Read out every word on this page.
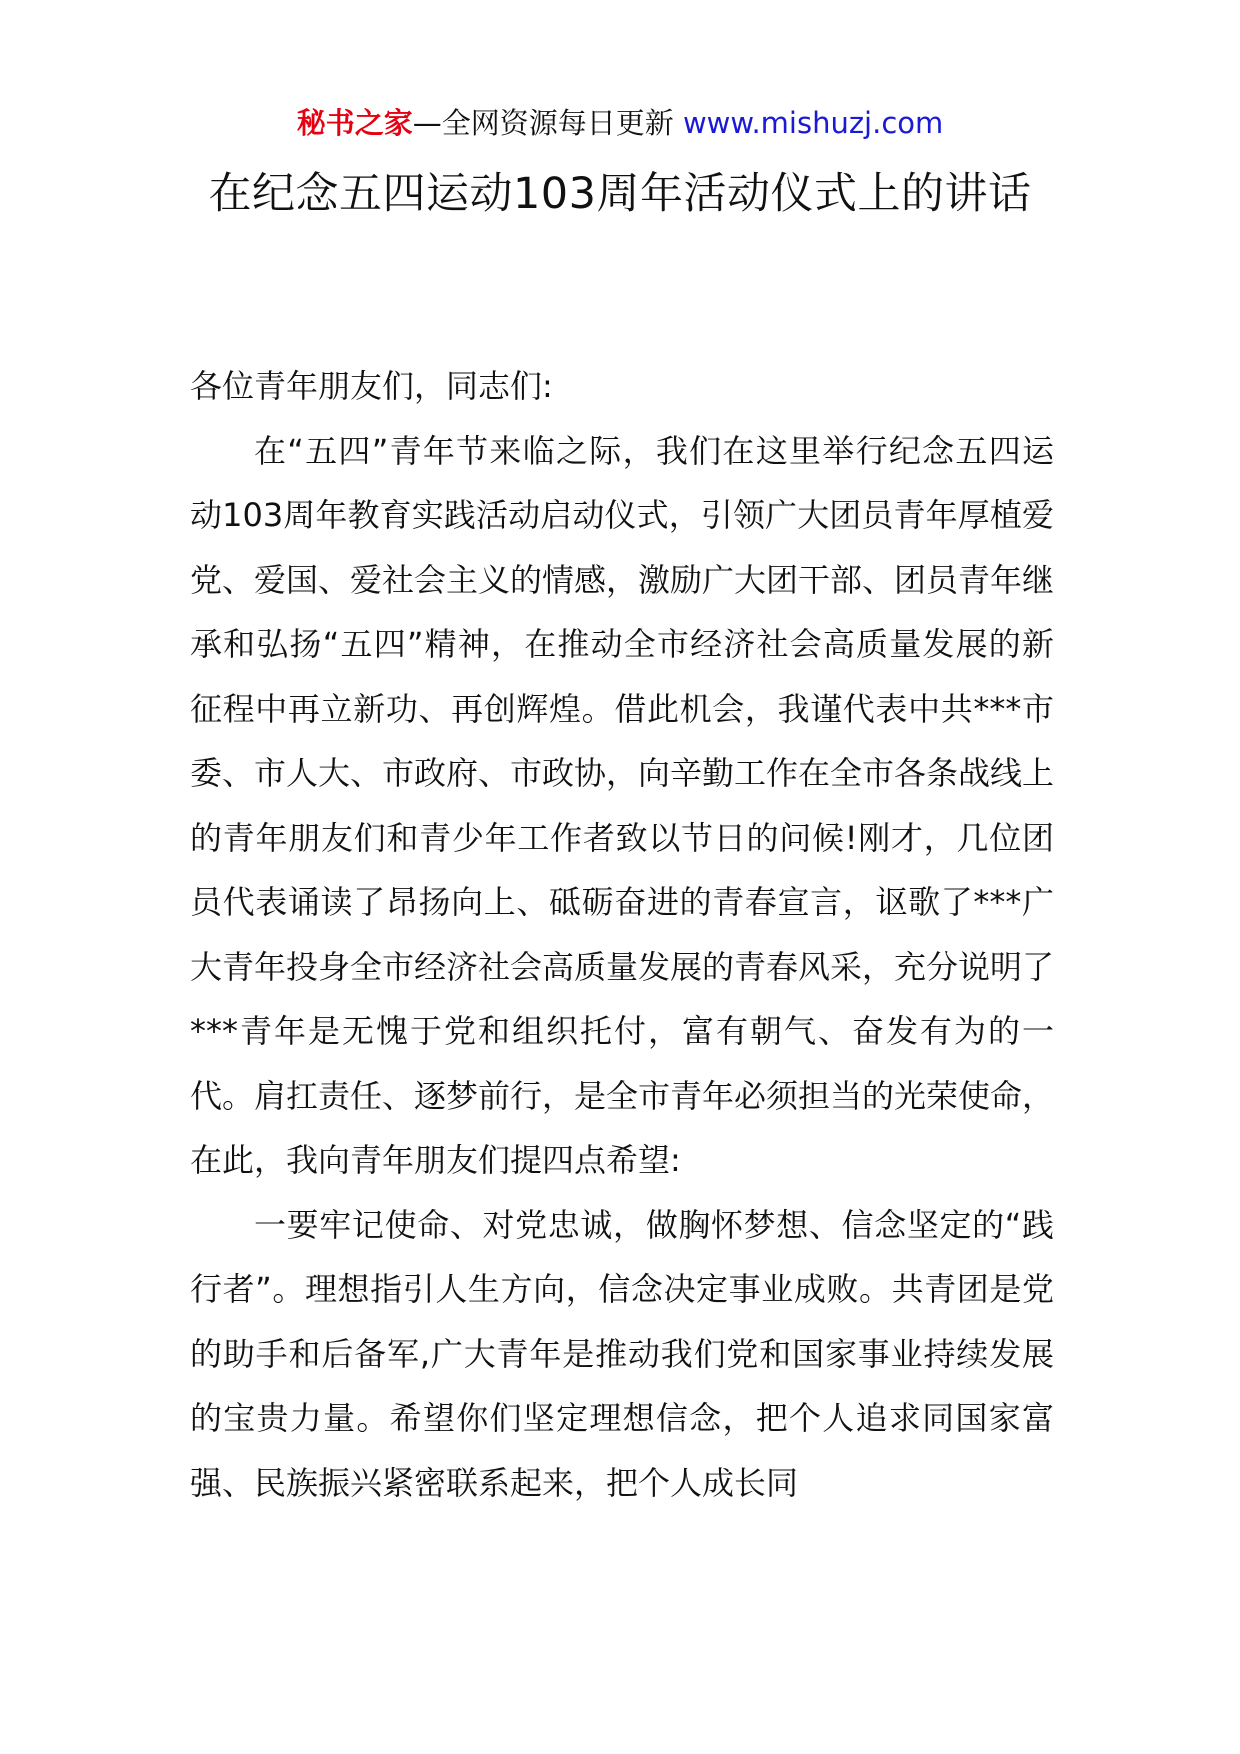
秘书之家—全网资源每日更新 www.mishuzj.com
在纪念五四运动103周年活动仪式上的讲话

各位青年朋友们，同志们:

在“五四”青年节来临之际，我们在这里举行纪念五四运动103周年教育实践活动启动仪式，引领广大团员青年厚植爱党、爱国、爱社会主义的情感，激励广大团干部、团员青年继承和弘扬“五四”精神，在推动全市经济社会高质量发展的新征程中再立新功、再创辉煌。借此机会，我谨代表中共***市委、市人大、市政府、市政协，向辛勤工作在全市各条战线上的青年朋友们和青少年工作者致以节日的问候!刚才，几位团员代表诵读了昂扬向上、砥砺奋进的青春宣言，讴歌了***广大青年投身全市经济社会高质量发展的青春风采，充分说明了***青年是无愧于党和组织托付，富有朝气、奋发有为的一代。肩扛责任、逐梦前行，是全市青年必须担当的光荣使命，在此，我向青年朋友们提四点希望:

一要牢记使命、对党忠诚，做胸怀梦想、信念坚定的“践行者”。理想指引人生方向，信念决定事业成败。共青团是党的助手和后备军,广大青年是推动我们党和国家事业持续发展的宝贵力量。希望你们坚定理想信念，把个人追求同国家富强、民族振兴紧密联系起来，把个人成长同
